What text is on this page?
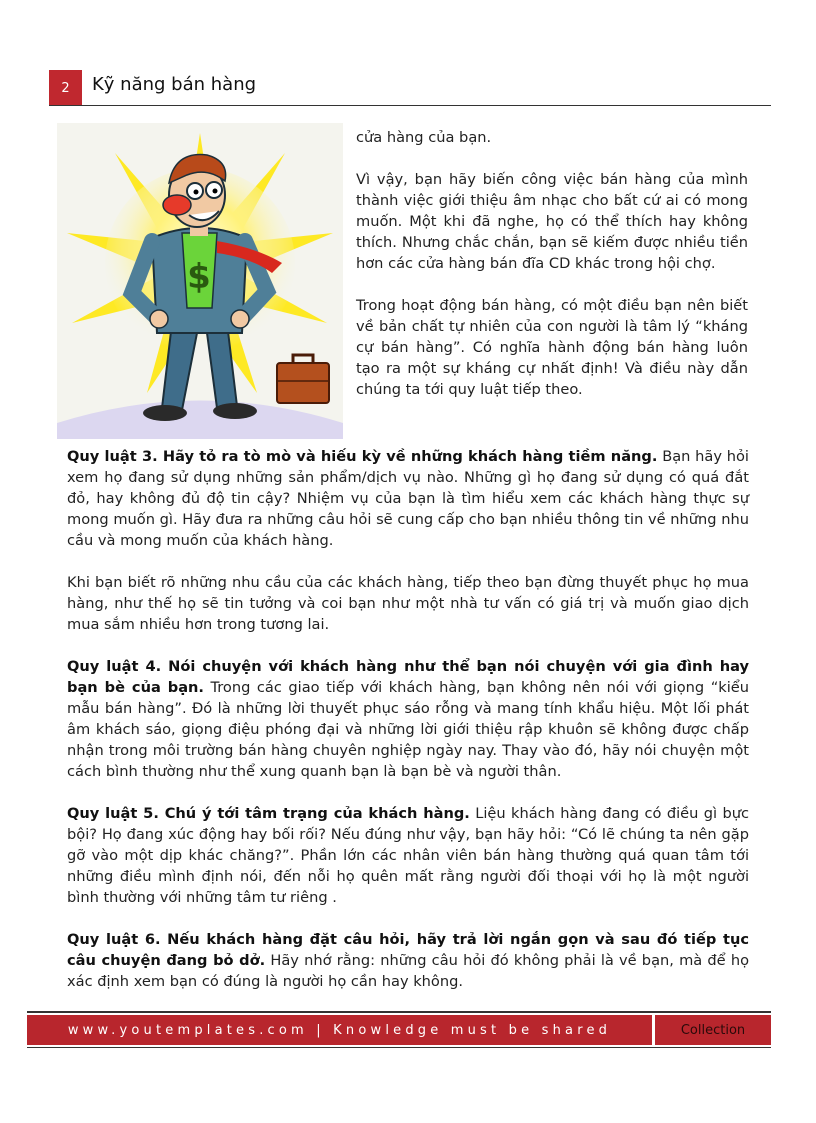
2 Kỹ năng bán hàng
$

cửa hàng của bạn.

Vì vậy, bạn hãy biến công việc bán hàng của mình thành việc giới thiệu âm nhạc cho bất cứ ai có mong muốn. Một khi đã nghe, họ có thể thích hay không thích. Nhưng chắc chắn, bạn sẽ kiếm được nhiều tiền hơn các cửa hàng bán đĩa CD khác trong hội chợ.

Trong hoạt động bán hàng, có một điều bạn nên biết về bản chất tự nhiên của con người là tâm lý “kháng cự bán hàng”. Có nghĩa hành động bán hàng luôn tạo ra một sự kháng cự nhất định! Và điều này dẫn chúng ta tới quy luật tiếp theo.

Quy luật 3. Hãy tỏ ra tò mò và hiếu kỳ về những khách hàng tiềm năng. Bạn hãy hỏi xem họ đang sử dụng những sản phẩm/dịch vụ nào. Những gì họ đang sử dụng có quá đắt đỏ, hay không đủ độ tin cậy? Nhiệm vụ của bạn là tìm hiểu xem các khách hàng thực sự mong muốn gì. Hãy đưa ra những câu hỏi sẽ cung cấp cho bạn nhiều thông tin về những nhu cầu và mong muốn của khách hàng.

Khi bạn biết rõ những nhu cầu của các khách hàng, tiếp theo bạn đừng thuyết phục họ mua hàng, như thế họ sẽ tin tưởng và coi bạn như một nhà tư vấn có giá trị và muốn giao dịch mua sắm nhiều hơn trong tương lai.

Quy luật 4. Nói chuyện với khách hàng như thể bạn nói chuyện với gia đình hay bạn bè của bạn. Trong các giao tiếp với khách hàng, bạn không nên nói với giọng “kiểu mẫu bán hàng”. Đó là những lời thuyết phục sáo rỗng và mang tính khẩu hiệu. Một lối phát âm khách sáo, giọng điệu phóng đại và những lời giới thiệu rập khuôn sẽ không được chấp nhận trong môi trường bán hàng chuyên nghiệp ngày nay. Thay vào đó, hãy nói chuyện một cách bình thường như thể xung quanh bạn là bạn bè và người thân.

Quy luật 5. Chú ý tới tâm trạng của khách hàng. Liệu khách hàng đang có điều gì bực bội? Họ đang xúc động hay bối rối? Nếu đúng như vậy, bạn hãy hỏi: “Có lẽ chúng ta nên gặp gỡ vào một dịp khác chăng?”. Phần lớn các nhân viên bán hàng thường quá quan tâm tới những điều mình định nói, đến nỗi họ quên mất rằng người đối thoại với họ là một người bình thường với những tâm tư riêng .

Quy luật 6. Nếu khách hàng đặt câu hỏi, hãy trả lời ngắn gọn và sau đó tiếp tục câu chuyện đang bỏ dở. Hãy nhớ rằng: những câu hỏi đó không phải là về bạn, mà để họ xác định xem bạn có đúng là người họ cần hay không.

www.youtemplates.com | Knowledge must be shared	Collection
